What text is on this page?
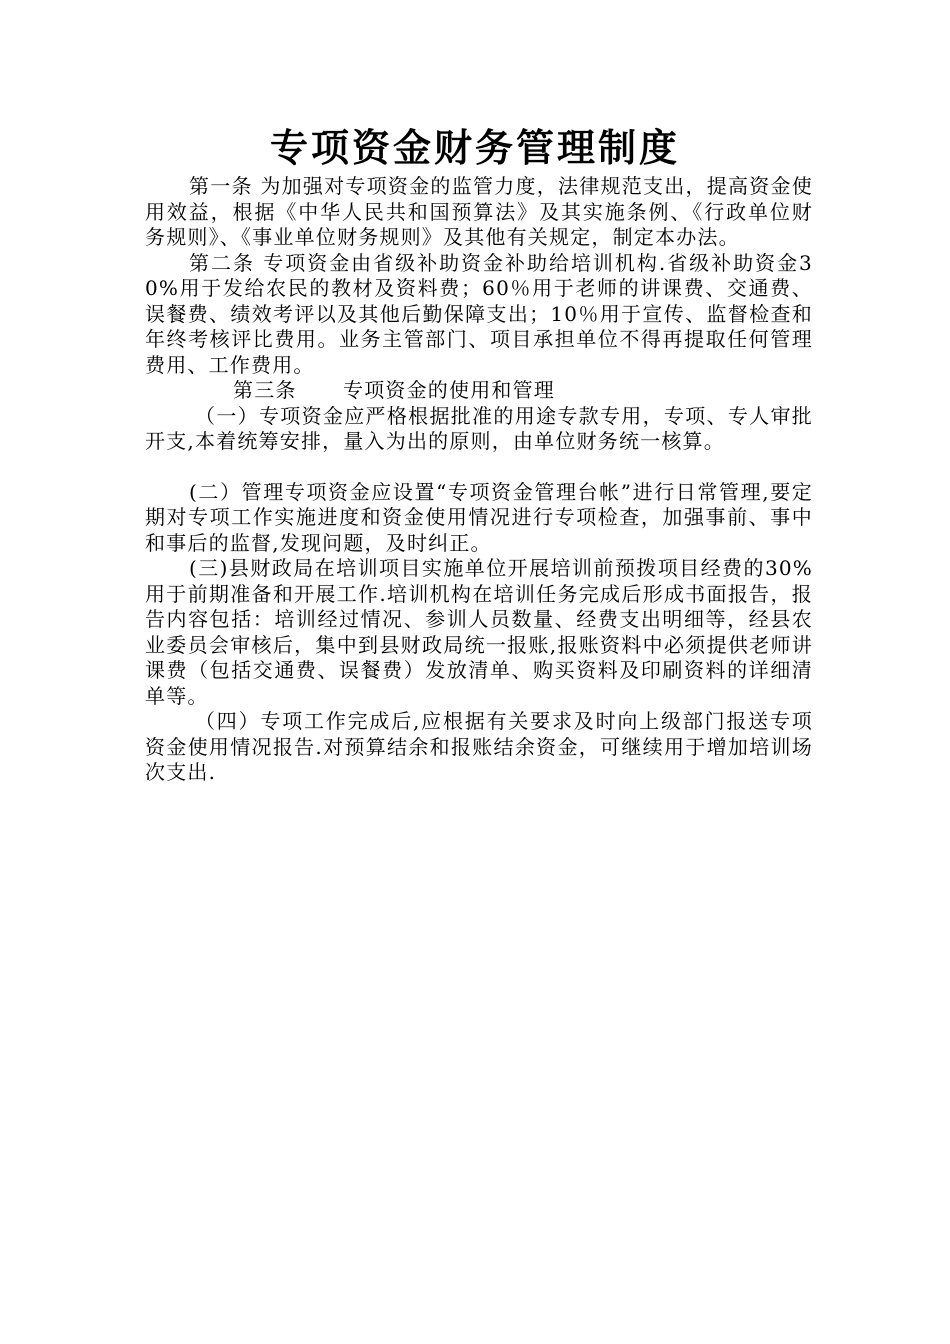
专项资金财务管理制度

第一条 为加强对专项资金的监管力度，法律规范支出，提高资金使用效益，根据《中华人民共和国预算法》及其实施条例、《行政单位财务规则》、《事业单位财务规则》及其他有关规定，制定本办法。

第二条 专项资金由省级补助资金补助给培训机构.省级补助资金30%用于发给农民的教材及资料费；60％用于老师的讲课费、交通费、误餐费、绩效考评以及其他后勤保障支出；10％用于宣传、监督检查和年终考核评比费用。业务主管部门、项目承担单位不得再提取任何管理费用、工作费用。

第三条 专项资金的使用和管理

（一）专项资金应严格根据批准的用途专款专用，专项、专人审批开支,本着统筹安排，量入为出的原则，由单位财务统一核算。

(二）管理专项资金应设置“专项资金管理台帐”进行日常管理,要定期对专项工作实施进度和资金使用情况进行专项检查，加强事前、事中和事后的监督,发现问题，及时纠正。

(三)县财政局在培训项目实施单位开展培训前预拨项目经费的30%用于前期准备和开展工作.培训机构在培训任务完成后形成书面报告，报告内容包括：培训经过情况、参训人员数量、经费支出明细等，经县农业委员会审核后，集中到县财政局统一报账,报账资料中必须提供老师讲课费（包括交通费、误餐费）发放清单、购买资料及印刷资料的详细清单等。

（四）专项工作完成后,应根据有关要求及时向上级部门报送专项资金使用情况报告.对预算结余和报账结余资金，可继续用于增加培训场次支出.
